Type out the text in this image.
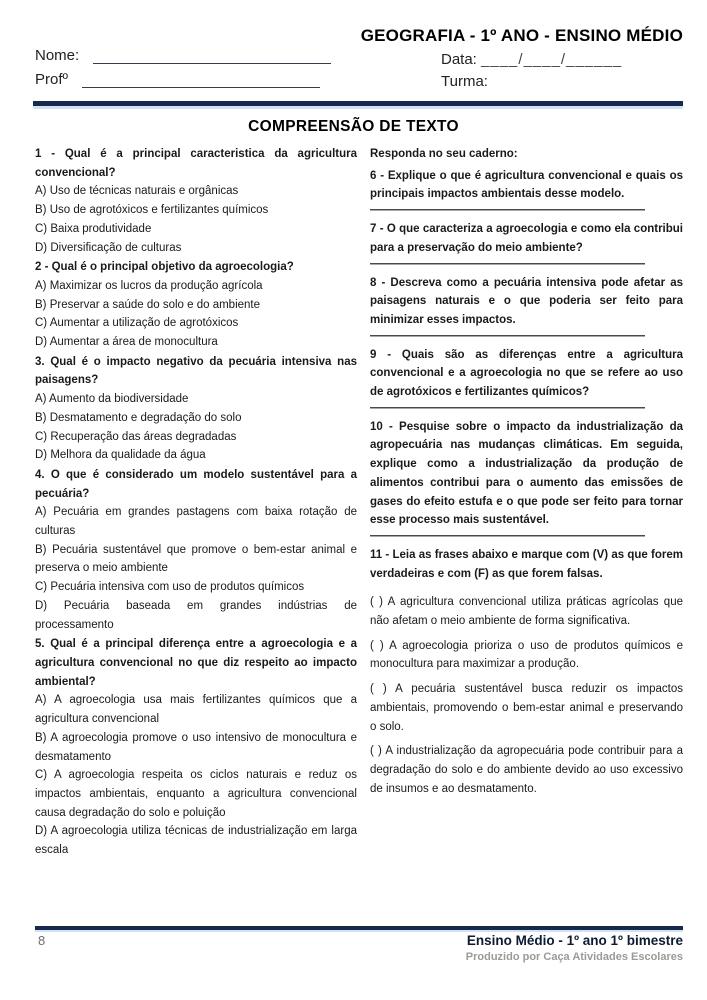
Nome:
Profº
GEOGRAFIA - 1º ANO - ENSINO MÉDIO
Data: ____/____/______
Turma:
COMPREENSÃO DE TEXTO

1 - Qual é a principal caracteristica da agricultura convencional?

A) Uso de técnicas naturais e orgânicas

B) Uso de agrotóxicos e fertilizantes químicos

C) Baixa produtividade

D) Diversificação de culturas

2 - Qual é o principal objetivo da agroecologia?

A) Maximizar os lucros da produção agrícola

B) Preservar a saúde do solo e do ambiente

C) Aumentar a utilização de agrotóxicos

D) Aumentar a área de monocultura

3. Qual é o impacto negativo da pecuária intensiva nas paisagens?

A) Aumento da biodiversidade

B) Desmatamento e degradação do solo

C) Recuperação das áreas degradadas

D) Melhora da qualidade da água

4. O que é considerado um modelo sustentável para a pecuária?

A) Pecuária em grandes pastagens com baixa rotação de culturas

B) Pecuária sustentável que promove o bem-estar animal e preserva o meio ambiente

C) Pecuária intensiva com uso de produtos químicos

D) Pecuária baseada em grandes indústrias de processamento

5. Qual é a principal diferença entre a agroecologia e a agricultura convencional no que diz respeito ao impacto ambiental?

A) A agroecologia usa mais fertilizantes químicos que a agricultura convencional

B) A agroecologia promove o uso intensivo de monocultura e desmatamento

C) A agroecologia respeita os ciclos naturais e reduz os impactos ambientais, enquanto a agricultura convencional causa degradação do solo e poluição

D) A agroecologia utiliza técnicas de industrialização em larga escala

Responda no seu caderno:

6 - Explique o que é agricultura convencional e quais os principais impactos ambientais desse modelo.

7 - O que caracteriza a agroecologia e como ela contribui para a preservação do meio ambiente?

8 - Descreva como a pecuária intensiva pode afetar as paisagens naturais e o que poderia ser feito para minimizar esses impactos.

9 - Quais são as diferenças entre a agricultura convencional e a agroecologia no que se refere ao uso de agrotóxicos e fertilizantes químicos?

10 - Pesquise sobre o impacto da industrialização da agropecuária nas mudanças climáticas. Em seguida, explique como a industrialização da produção de alimentos contribui para o aumento das emissões de gases do efeito estufa e o que pode ser feito para tornar esse processo mais sustentável.

11 - Leia as frases abaixo e marque com (V) as que forem verdadeiras e com (F) as que forem falsas.

( ) A agricultura convencional utiliza práticas agrícolas que não afetam o meio ambiente de forma significativa.

( ) A agroecologia prioriza o uso de produtos químicos e monocultura para maximizar a produção.

( ) A pecuária sustentável busca reduzir os impactos ambientais, promovendo o bem-estar animal e preservando o solo.

( ) A industrialização da agropecuária pode contribuir para a degradação do solo e do ambiente devido ao uso excessivo de insumos e ao desmatamento.

8	Ensino Médio - 1º ano 1º bimestre
Produzido por Caça Atividades Escolares
